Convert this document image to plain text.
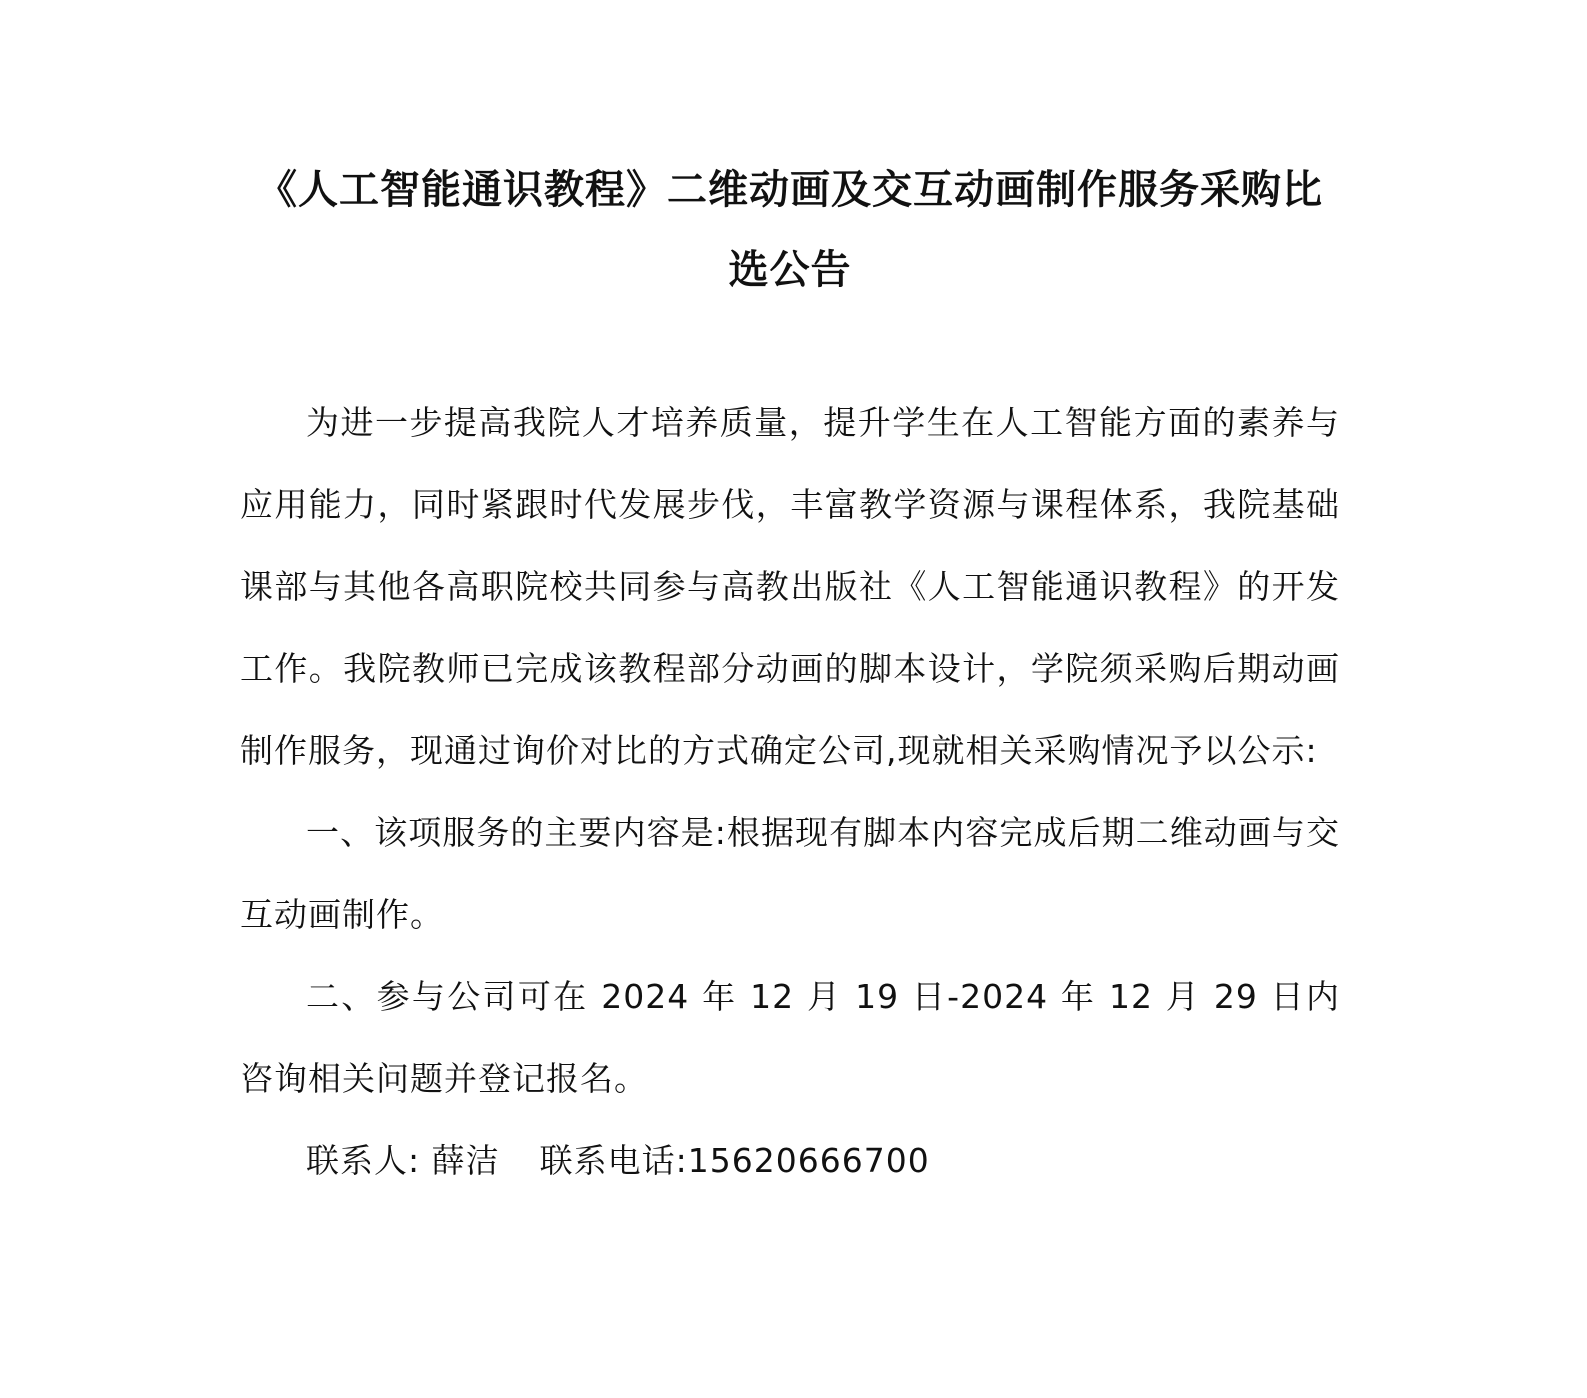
《人工智能通识教程》二维动画及交互动画制作服务采购比
选公告

为进一步提高我院人才培养质量，提升学生在人工智能方面的素养与应用能力，同时紧跟时代发展步伐，丰富教学资源与课程体系，我院基础课部与其他各高职院校共同参与高教出版社《人工智能通识教程》的开发工作。我院教师已完成该教程部分动画的脚本设计，学院须采购后期动画制作服务，现通过询价对比的方式确定公司,现就相关采购情况予以公示:

一、该项服务的主要内容是:根据现有脚本内容完成后期二维动画与交互动画制作。

二、参与公司可在 2024 年 12 月 19 日-2024 年 12 月 29 日内咨询相关问题并登记报名。

联系人: 薛洁 联系电话:15620666700
